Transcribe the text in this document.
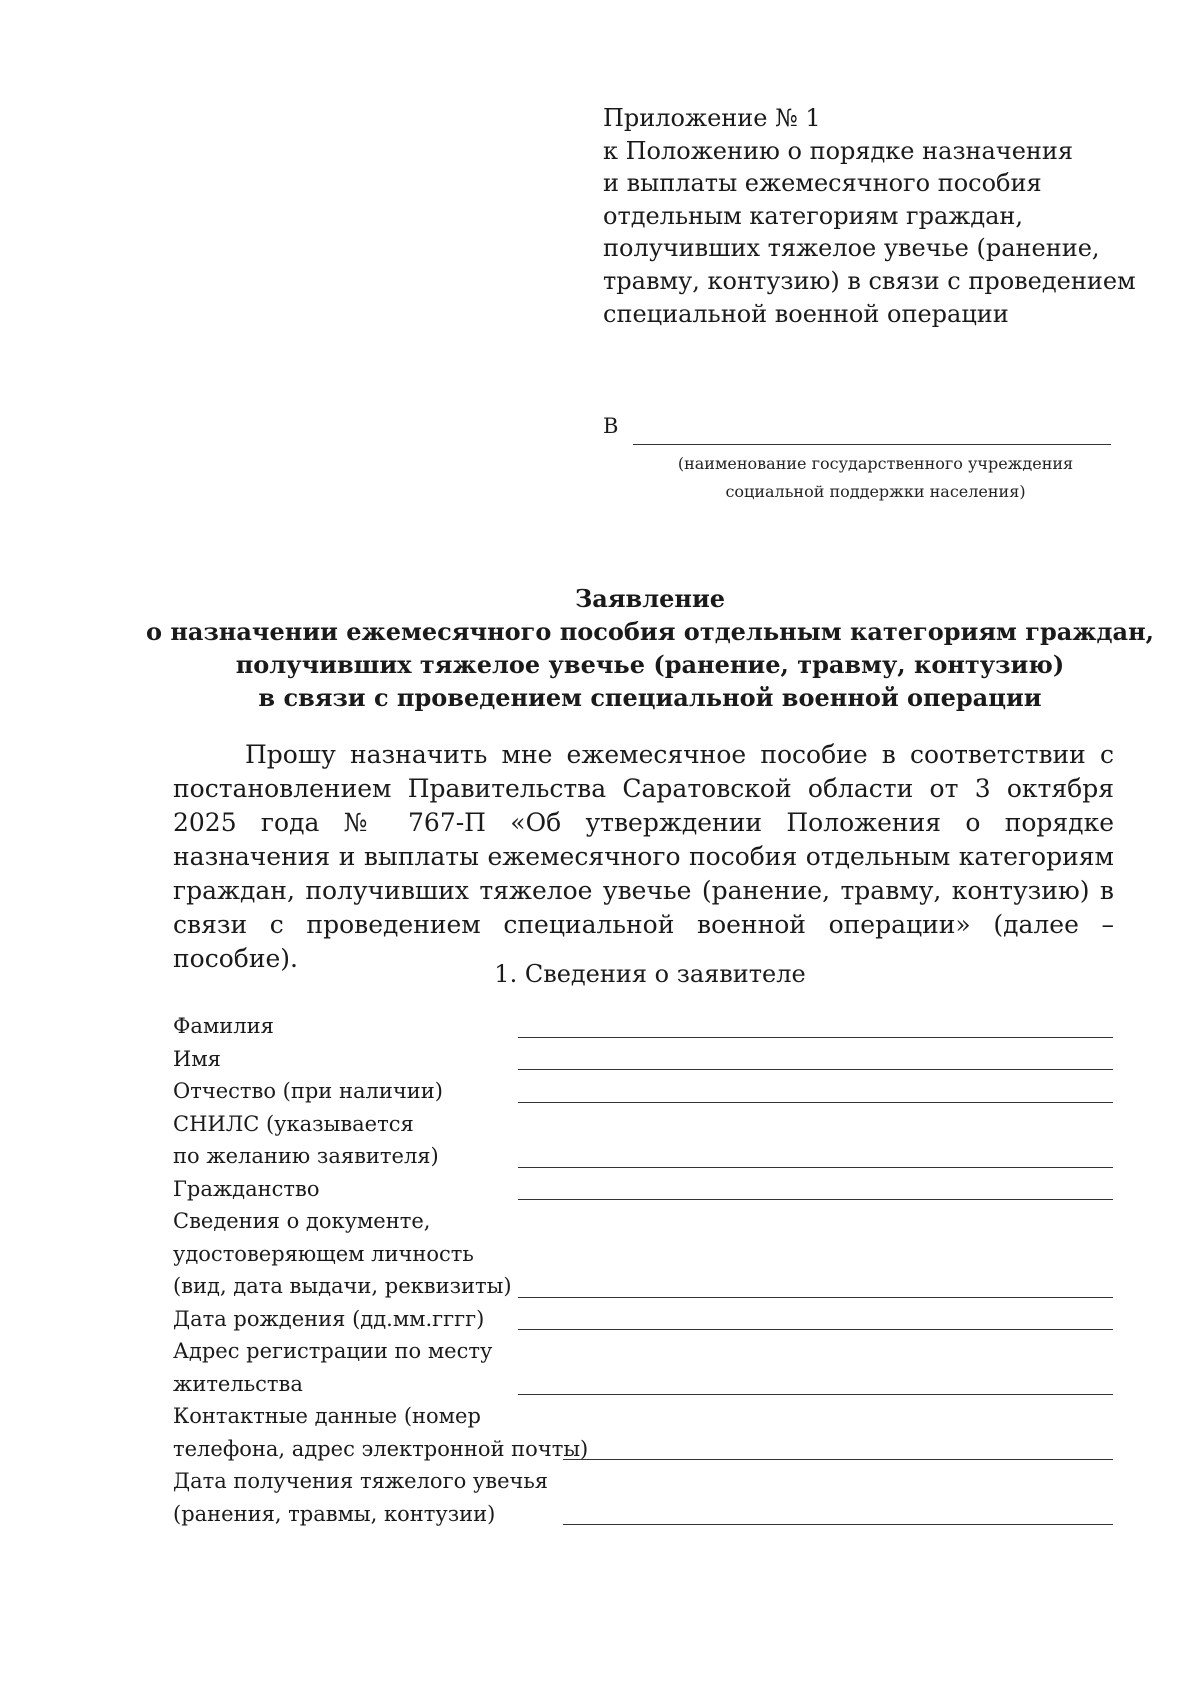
Приложение № 1
к Положению о порядке назначения
и выплаты ежемесячного пособия
отдельным категориям граждан,
получивших тяжелое увечье (ранение,
травму, контузию) в связи с проведением
специальной военной операции
В
(наименование государственного учреждения
социальной поддержки населения)
Заявление
о назначении ежемесячного пособия отдельным категориям граждан,
получивших тяжелое увечье (ранение, травму, контузию)
в связи с проведением специальной военной операции
Прошу назначить мне ежемесячное пособие в соответствии с постановлением Правительства Саратовской области от 3 октября 2025 года № 767-П «Об утверждении Положения о порядке назначения и выплаты ежемесячного пособия отдельным категориям граждан, получивших тяжелое увечье (ранение, травму, контузию) в связи с проведением специальной военной операции» (далее – пособие).
1. Сведения о заявителе
Фамилия
Имя
Отчество (при наличии)
СНИЛС (указывается
по желанию заявителя)
Гражданство
Сведения о документе,
удостоверяющем личность
(вид, дата выдачи, реквизиты)
Дата рождения (дд.мм.гггг)
Адрес регистрации по месту
жительства
Контактные данные (номер
телефона, адрес электронной почты)
Дата получения тяжелого увечья
(ранения, травмы, контузии)
